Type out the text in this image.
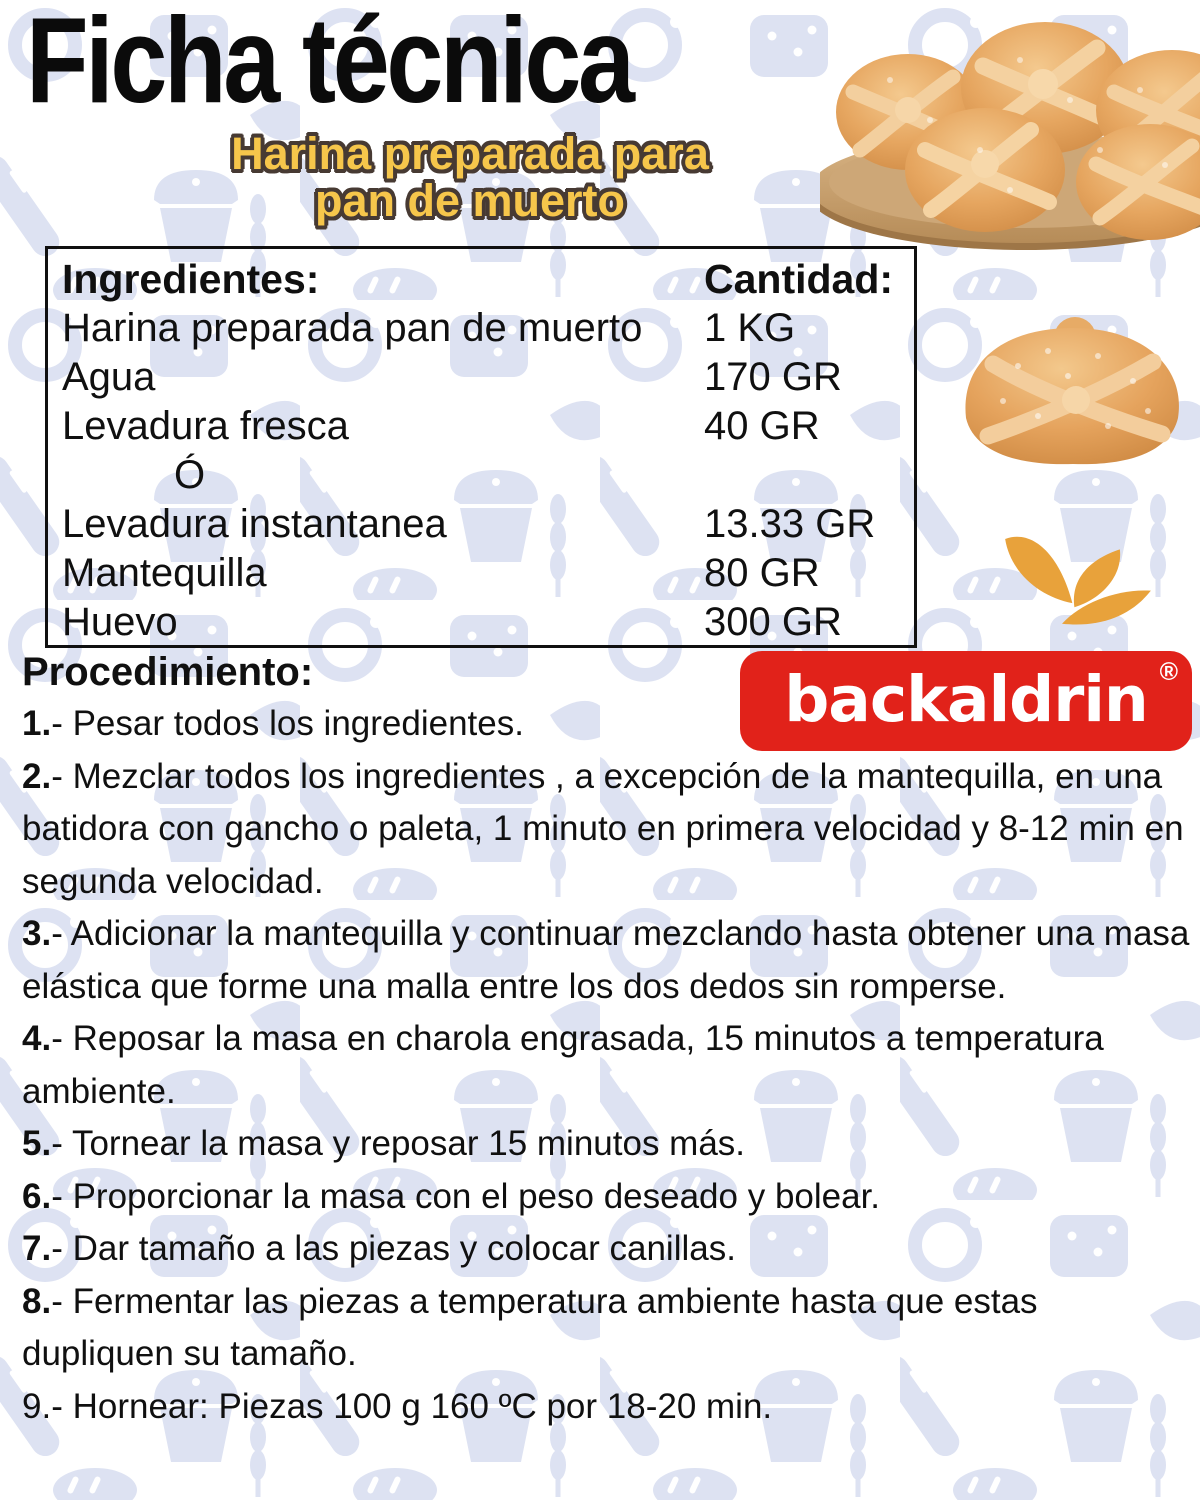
Ficha técnica
Harina preparada para
pan de muerto
Ingredientes:	Cantidad:
Harina preparada pan de muerto	1 KG
Agua	170 GR
Levadura fresca	40 GR
Ó
Levadura instantanea	13.33 GR
Mantequilla	80 GR
Huevo	300 GR
backaldrin ®
Procedimiento:
1.- Pesar todos los ingredientes.
2.- Mezclar todos los ingredientes , a excepción de la mantequilla, en una batidora con gancho o paleta, 1 minuto en primera velocidad y 8-12 min en segunda velocidad.
3.- Adicionar la mantequilla y continuar mezclando hasta obtener una masa elástica que forme una malla entre los dos dedos sin romperse.
4.- Reposar la masa en charola engrasada, 15 minutos a temperatura ambiente.
5.- Tornear la masa y reposar 15 minutos más.
6.- Proporcionar la masa con el peso deseado y bolear.
7.- Dar tamaño a las piezas y colocar canillas.
8.- Fermentar las piezas a temperatura ambiente hasta que estas dupliquen su tamaño.
9.- Hornear: Piezas 100 g 160 ºC por 18-20 min.
